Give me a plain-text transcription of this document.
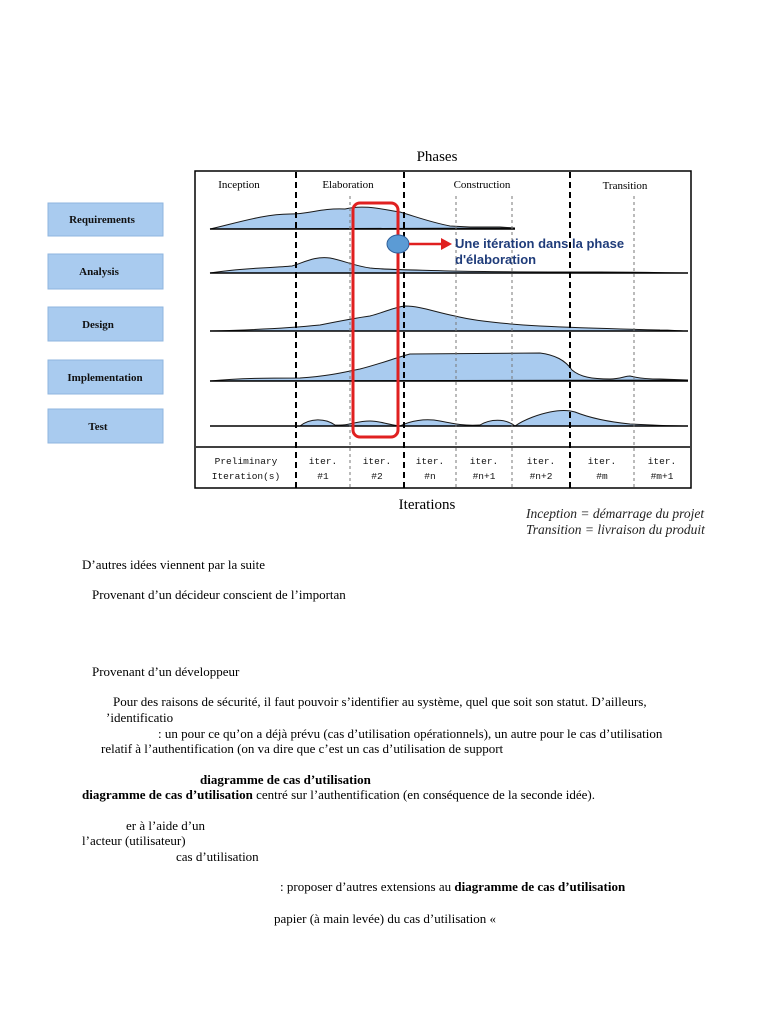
Phases
Inception	Elaboration	Construction	Transition
Preliminary
Iteration(s)
iter.
#1
iter.
#2
iter.
#n
iter.
#n+1
iter.
#n+2
iter.
#m
iter.
#m+1
Une itération dans la phase
d'élaboration
Requirements
Analysis
Design
Implementation
Test
Iterations
Inception = démarrage du projet
Transition = livraison du produit
D’autres idées viennent par la suite
Provenant d’un décideur conscient de l’importan
Provenant d’un développeur
Pour des raisons de sécurité, il faut pouvoir s’identifier au système, quel que soit son statut. D’ailleurs,
’identificatio
: un pour ce qu’on a déjà prévu (cas d’utilisation opérationnels), un autre pour le cas d’utilisation
relatif à l’authentification (on va dire que c’est un cas d’utilisation de support
diagramme de cas d’utilisation
diagramme de cas d’utilisation centré sur l’authentification (en conséquence de la seconde idée).
er à l’aide d’un
l’acteur (utilisateur)
cas d’utilisation
: proposer d’autres extensions au diagramme de cas d’utilisation
papier (à main levée) du cas d’utilisation «
